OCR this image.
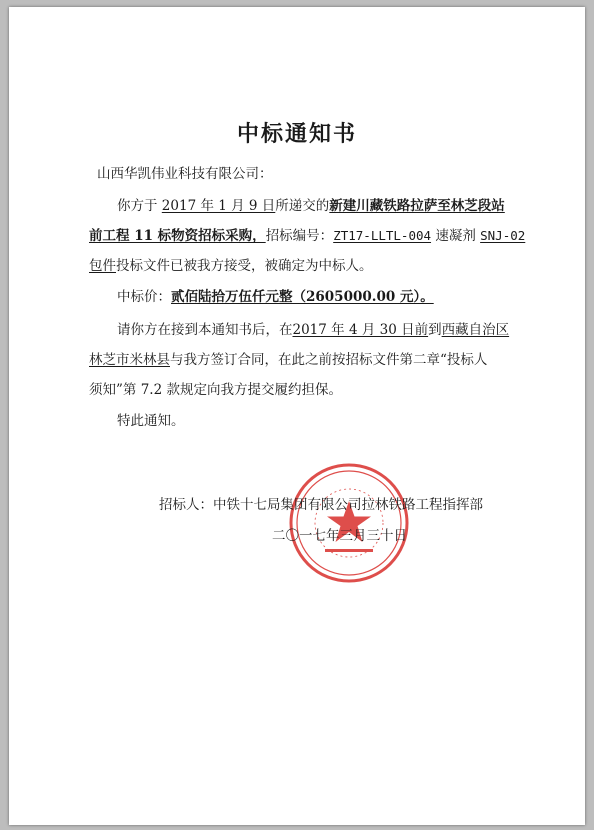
中标通知书
山西华凯伟业科技有限公司：
你方于 2017 年 1 月 9 日所递交的新建川藏铁路拉萨至林芝段站
前工程 11 标物资招标采购，招标编号：ZT17-LLTL-004 速凝剂 SNJ-02
包件投标文件已被我方接受，被确定为中标人。
中标价：贰佰陆拾万伍仟元整（2605000.00 元）。
请你方在接到本通知书后，在2017 年 4 月 30 日前到西藏自治区
林芝市米林县与我方签订合同，在此之前按招标文件第二章“投标人
须知”第 7.2 款规定向我方提交履约担保。
特此通知。
招标人：中铁十七局集团有限公司拉林铁路工程指挥部
二〇一七年三月三十日
